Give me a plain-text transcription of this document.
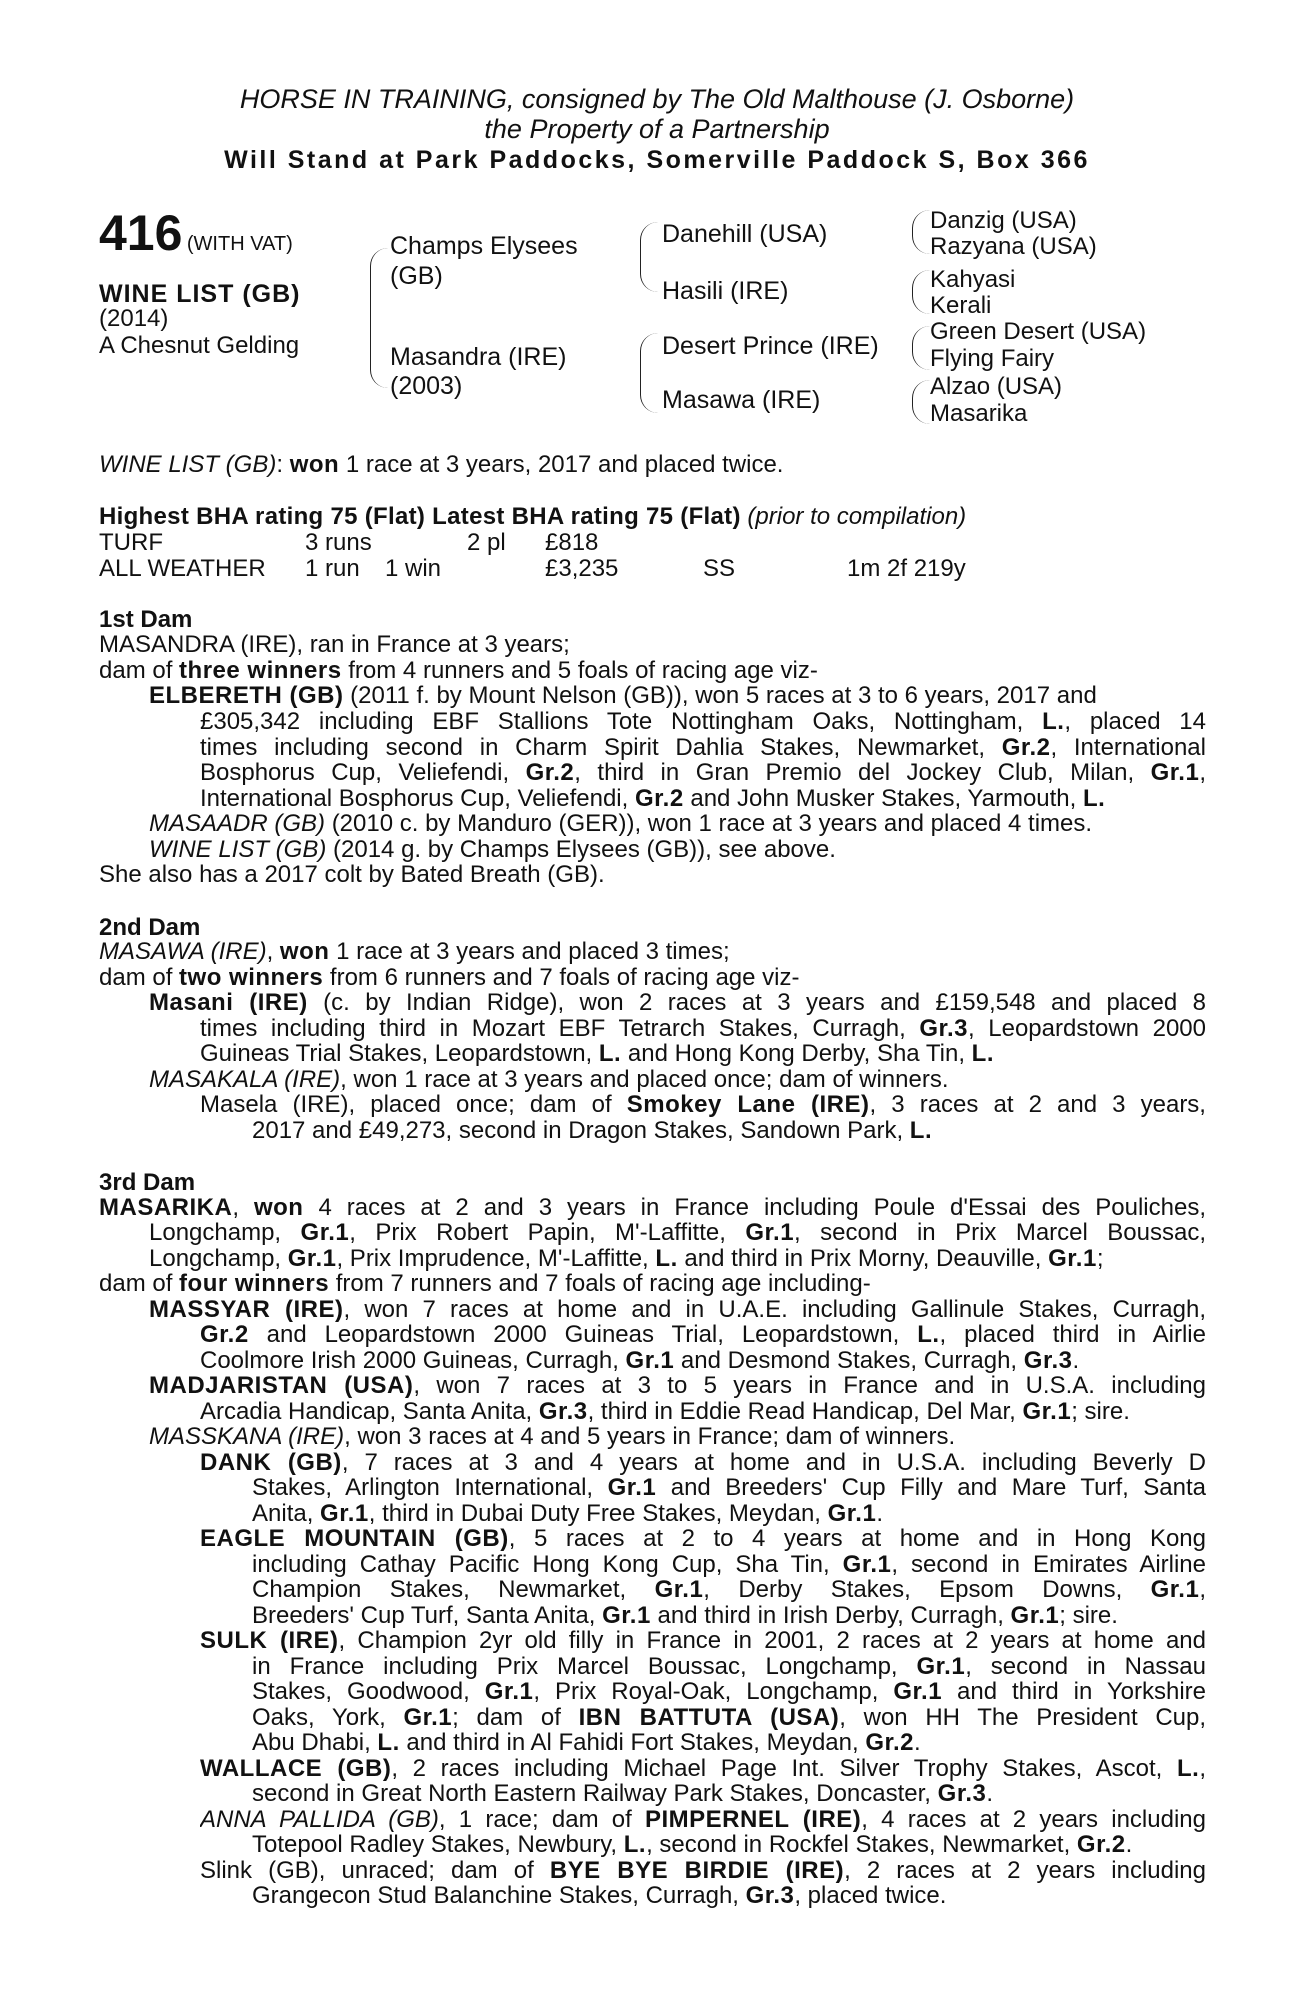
HORSE IN TRAINING, consigned by The Old Malthouse (J. Osborne)
the Property of a Partnership
Will Stand at Park Paddocks, Somerville Paddock S, Box 366
416 (WITH VAT)
WINE LIST (GB)
(2014)
A Chesnut Gelding
Champs Elysees
(GB)
Masandra (IRE)
(2003)
Danehill (USA)
Hasili (IRE)
Desert Prince (IRE)
Masawa (IRE)
Danzig (USA)
Razyana (USA)
Kahyasi
Kerali
Green Desert (USA)
Flying Fairy
Alzao (USA)
Masarika
WINE LIST (GB): won 1 race at 3 years, 2017 and placed twice.
Highest BHA rating 75 (Flat) Latest BHA rating 75 (Flat) (prior to compilation)
TURF	3 runs	2 pl £818
ALL WEATHER 1 run 1 win	£3,235	SS	1m 2f 219y
1st Dam
MASANDRA (IRE), ran in France at 3 years;
dam of three winners from 4 runners and 5 foals of racing age viz-
ELBERETH (GB) (2011 f. by Mount Nelson (GB)), won 5 races at 3 to 6 years, 2017 and
£305,342 including EBF Stallions Tote Nottingham Oaks, Nottingham, L., placed 14
times including second in Charm Spirit Dahlia Stakes, Newmarket, Gr.2, International
Bosphorus Cup, Veliefendi, Gr.2, third in Gran Premio del Jockey Club, Milan, Gr.1,
International Bosphorus Cup, Veliefendi, Gr.2 and John Musker Stakes, Yarmouth, L.
MASAADR (GB) (2010 c. by Manduro (GER)), won 1 race at 3 years and placed 4 times.
WINE LIST (GB) (2014 g. by Champs Elysees (GB)), see above.
She also has a 2017 colt by Bated Breath (GB).
2nd Dam
MASAWA (IRE), won 1 race at 3 years and placed 3 times;
dam of two winners from 6 runners and 7 foals of racing age viz-
Masani (IRE) (c. by Indian Ridge), won 2 races at 3 years and £159,548 and placed 8
times including third in Mozart EBF Tetrarch Stakes, Curragh, Gr.3, Leopardstown 2000
Guineas Trial Stakes, Leopardstown, L. and Hong Kong Derby, Sha Tin, L.
MASAKALA (IRE), won 1 race at 3 years and placed once; dam of winners.
Masela (IRE), placed once; dam of Smokey Lane (IRE), 3 races at 2 and 3 years,
2017 and £49,273, second in Dragon Stakes, Sandown Park, L.
3rd Dam
MASARIKA, won 4 races at 2 and 3 years in France including Poule d'Essai des Pouliches,
Longchamp, Gr.1, Prix Robert Papin, M'-Laffitte, Gr.1, second in Prix Marcel Boussac,
Longchamp, Gr.1, Prix Imprudence, M'-Laffitte, L. and third in Prix Morny, Deauville, Gr.1;
dam of four winners from 7 runners and 7 foals of racing age including-
MASSYAR (IRE), won 7 races at home and in U.A.E. including Gallinule Stakes, Curragh,
Gr.2 and Leopardstown 2000 Guineas Trial, Leopardstown, L., placed third in Airlie
Coolmore Irish 2000 Guineas, Curragh, Gr.1 and Desmond Stakes, Curragh, Gr.3.
MADJARISTAN (USA), won 7 races at 3 to 5 years in France and in U.S.A. including
Arcadia Handicap, Santa Anita, Gr.3, third in Eddie Read Handicap, Del Mar, Gr.1; sire.
MASSKANA (IRE), won 3 races at 4 and 5 years in France; dam of winners.
DANK (GB), 7 races at 3 and 4 years at home and in U.S.A. including Beverly D
Stakes, Arlington International, Gr.1 and Breeders' Cup Filly and Mare Turf, Santa
Anita, Gr.1, third in Dubai Duty Free Stakes, Meydan, Gr.1.
EAGLE MOUNTAIN (GB), 5 races at 2 to 4 years at home and in Hong Kong
including Cathay Pacific Hong Kong Cup, Sha Tin, Gr.1, second in Emirates Airline
Champion Stakes, Newmarket, Gr.1, Derby Stakes, Epsom Downs, Gr.1,
Breeders' Cup Turf, Santa Anita, Gr.1 and third in Irish Derby, Curragh, Gr.1; sire.
SULK (IRE), Champion 2yr old filly in France in 2001, 2 races at 2 years at home and
in France including Prix Marcel Boussac, Longchamp, Gr.1, second in Nassau
Stakes, Goodwood, Gr.1, Prix Royal-Oak, Longchamp, Gr.1 and third in Yorkshire
Oaks, York, Gr.1; dam of IBN BATTUTA (USA), won HH The President Cup,
Abu Dhabi, L. and third in Al Fahidi Fort Stakes, Meydan, Gr.2.
WALLACE (GB), 2 races including Michael Page Int. Silver Trophy Stakes, Ascot, L.,
second in Great North Eastern Railway Park Stakes, Doncaster, Gr.3.
ANNA PALLIDA (GB), 1 race; dam of PIMPERNEL (IRE), 4 races at 2 years including
Totepool Radley Stakes, Newbury, L., second in Rockfel Stakes, Newmarket, Gr.2.
Slink (GB), unraced; dam of BYE BYE BIRDIE (IRE), 2 races at 2 years including
Grangecon Stud Balanchine Stakes, Curragh, Gr.3, placed twice.
